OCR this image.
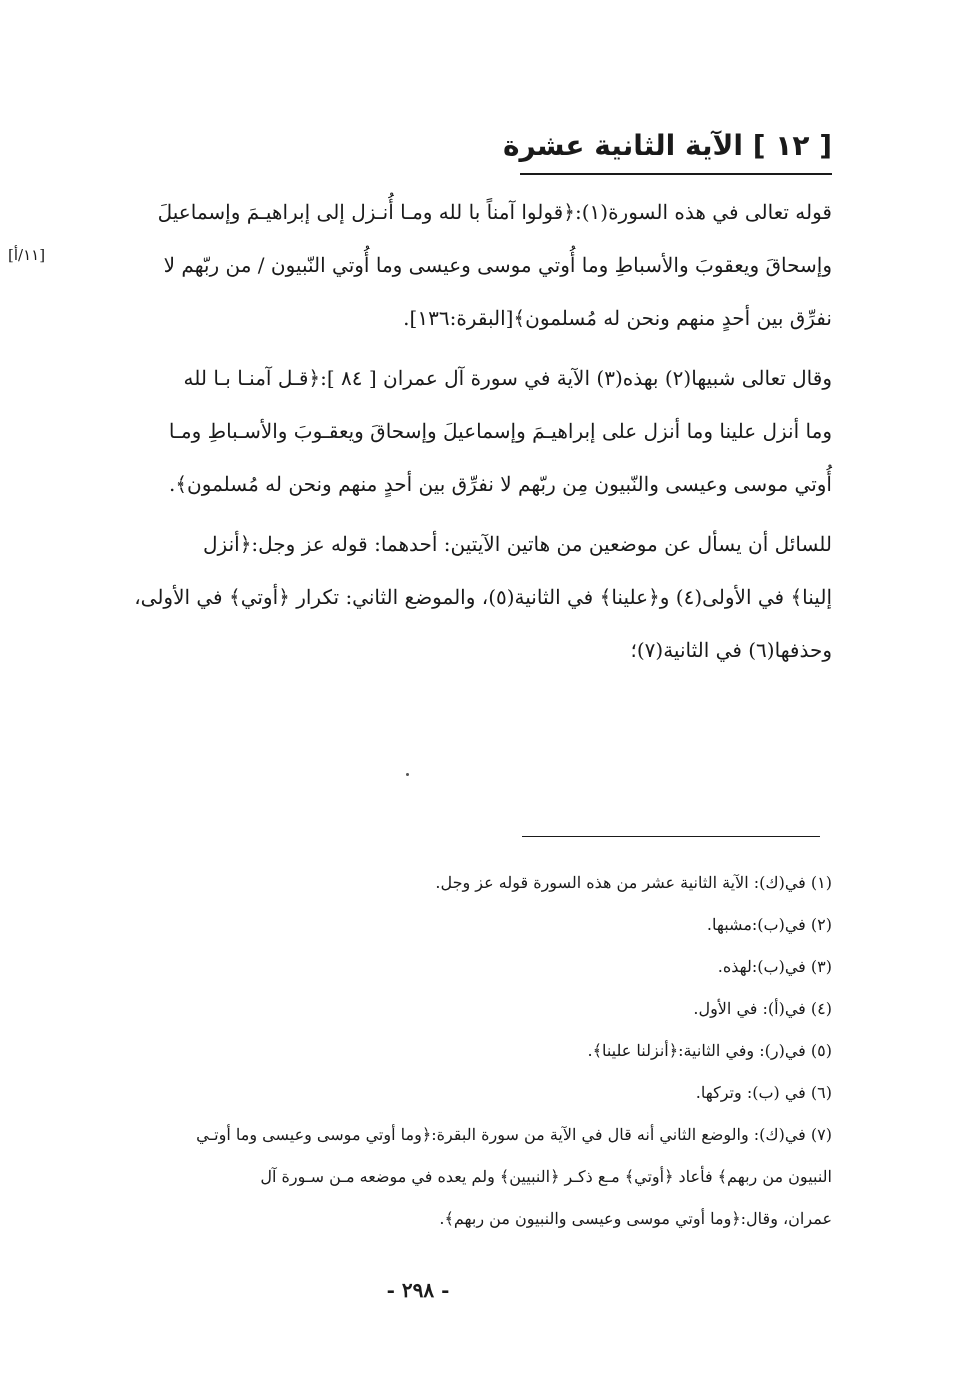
[ ١٢ ] الآية الثانية عشرة
[١١/أ]
قوله تعالى في هذه السورة(١):﴿قولوا آمناً با لله ومـا أُنـزل إلى إبراهيـمَ وإسماعيلَ
وإسحاقَ ويعقوبَ والأسباطِ وما أُوتي موسى وعيسى وما أُوتي النّبيون / من ربّهم لا
نفرِّق بين أحدٍ منهم ونحن له مُسلمون﴾[البقرة:١٣٦].
وقال تعالى شبيها(٢) بهذه(٣) الآية في سورة آل عمران [ ٨٤ ]:﴿قـل آمنـا بـا لله
وما أنزل علينا وما أنزل على إبراهيـمَ وإسماعيلَ وإسحاقَ ويعقـوبَ والأسـباطِ ومـا
أُوتي موسى وعيسى والنّبيون مِن ربّهم لا نفرِّق بين أحدٍ منهم ونحن له مُسلمون﴾.
للسائل أن يسأل عن موضعين من هاتين الآيتين: أحدهما: قوله عز وجل:﴿أنزل
إلينا﴾ في الأولى(٤) و﴿علينا﴾ في الثانية(٥)، والموضع الثاني: تكرار ﴿أوتي﴾ في الأولى،
وحذفها(٦) في الثانية(٧)؛
(١) في(ك): الآية الثانية عشر من هذه السورة قوله عز وجل.
(٢) في(ب):مشبها.
(٣) في(ب):لهذه.
(٤) في(أ): في الأول.
(٥) في(ر): وفي الثانية:﴿أنزلنا علينا﴾.
(٦) في (ب): وتركها.
(٧) في(ك): والوضع الثاني أنه قال في الآية من سورة البقرة:﴿وما أوتي موسى وعيسى وما أوتـي
النبيون من ربهم﴾ فأعاد ﴿أوتي﴾ مـع ذكـر ﴿النبيين﴾ ولم يعده في موضعه مـن سـورة آل
عمران، وقال:﴿وما أوتي موسى وعيسى والنبيون من ربهم﴾.
- ٢٩٨ -
